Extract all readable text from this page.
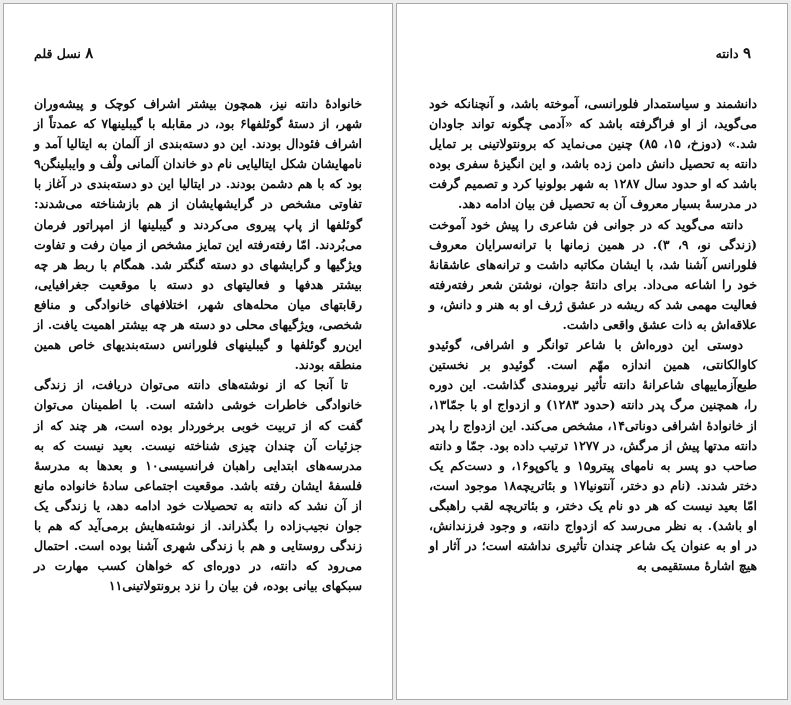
۸ نسل قلم

خانوادهٔ دانته نیز، همچون بیشتر اشراف کوچک و پیشه‌وران شهر، از دستهٔ گوئلفها۶ بود، در مقابله با گیبلینها۷ که عمدتاً از اشراف فئودال بودند. این دو دسته‌بندی از آلمان به ایتالیا آمد و نامهایشان شکل ایتالیایی نام دو خاندان آلمانی ولْف و وایبلینگن۹ بود که با هم دشمن بودند. در ایتالیا این دو دسته‌بندی در آغاز با تفاوتی مشخص در گرایشهایشان از هم بازشناخته می‌شدند: گوئلفها از پاپ پیروی می‌کردند و گیبلینها از امپراتور فرمان می‌بُردند. امّا رفته‌رفته این تمایز مشخص از میان رفت و تفاوت ویژگیها و گرایشهای دو دسته گنگتر شد. همگام با ربط هر چه بیشتر هدفها و فعالیتهای دو دسته با موقعیت جغرافیایی، رقابتهای میان محله‌های شهر، اختلافهای خانوادگی و منافع شخصی، ویژگیهای محلی دو دسته هر چه بیشتر اهمیت یافت. از این‌رو گوئلفها و گیبلینهای فلورانس دسته‌بندیهای خاص همین منطقه بودند.

تا آنجا که از نوشته‌های دانته می‌توان دریافت، از زندگی خانوادگی خاطرات خوشی داشته است. با اطمینان می‌توان گفت که از تربیت خوبی برخوردار بوده است، هر چند که از جزئیات آن چندان چیزی شناخته نیست. بعید نیست که به مدرسه‌های ابتدایی راهبان فرانسیسی۱۰ و بعدها به مدرسهٔ فلسفهٔ ایشان رفته باشد. موقعیت اجتماعی سادهٔ خانواده مانع از آن نشد که دانته به تحصیلات خود ادامه دهد، یا زندگی یک جوان نجیب‌زاده را بگذراند. از نوشته‌هایش برمی‌آید که هم با زندگی روستایی و هم با زندگی شهری آشنا بوده است. احتمال می‌رود که دانته، در دوره‌ای که خواهان کسب مهارت در سبکهای بیانی بوده، فن بیان را نزد برونتولاتینی۱۱

۹ دانته

دانشمند و سیاستمدار فلورانسی، آموخته باشد، و آنچنانکه خود می‌گوید، از او فراگرفته باشد که «آدمی چگونه تواند جاودان شد.» (دوزخ، ۱۵، ۸۵) چنین می‌نماید که برونتولاتینی بر تمایل دانته به تحصیل دانش دامن زده باشد، و این انگیزهٔ سفری بوده باشد که او حدود سال ۱۲۸۷ به شهر بولونیا کرد و تصمیم گرفت در مدرسهٔ بسیار معروف آن به تحصیل فن بیان ادامه دهد.

دانته می‌گوید که در جوانی فن شاعری را پیش خود آموخت (زندگی نو، ۹، ۳). در همین زمانها با ترانه‌سرایان معروف فلورانس آشنا شد، با ایشان مکاتبه داشت و ترانه‌های عاشقانهٔ خود را اشاعه می‌داد. برای دانتهٔ جوان، نوشتن شعر رفته‌رفته فعالیت مهمی شد که ریشه در عشق ژرف او به هنر و دانش، و علاقه‌اش به ذات عشق واقعی داشت.

دوستی این دوره‌اش با شاعر توانگر و اشرافی، گوئیدو کاوالکانتی، همین اندازه مهّم است. گوئیدو بر نخستین طبع‌آزماییهای شاعرانهٔ دانته تأثیر نیرومندی گذاشت. این دوره را، همچنین مرگ پدر دانته (حدود ۱۲۸۳) و ازدواج او با جمّا۱۳، از خانوادهٔ اشرافی دوناتی۱۴، مشخص می‌کند. این ازدواج را پدر دانته مدتها پیش از مرگش، در ۱۲۷۷ ترتیب داده بود. جمّا و دانته صاحب دو پسر به نامهای پیترو۱۵ و یاکوپو۱۶، و دست‌کم یک دختر شدند. (نام دو دختر، آنتونیا۱۷ و بئاتریچه۱۸ موجود است، امّا بعید نیست که هر دو نام یک دختر، و بئاتریچه لقب راهبگی او باشد). به نظر می‌رسد که ازدواج دانته، و وجود فرزندانش، در او به عنوان یک شاعر چندان تأثیری نداشته است؛ در آثار او هیچ اشارهٔ مستقیمی به
